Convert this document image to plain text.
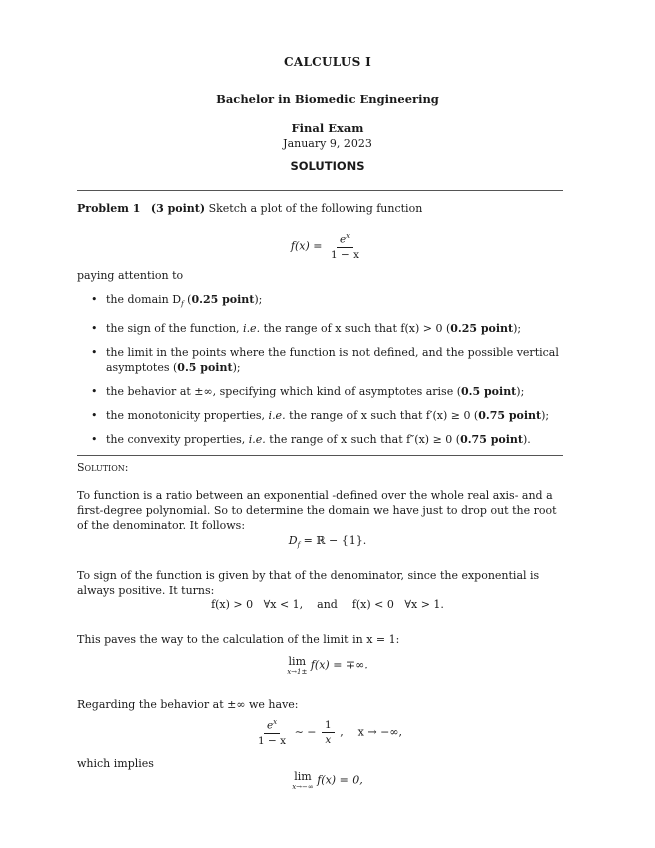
CALCULUS I
Bachelor in Biomedic Engineering
Final Exam
January 9, 2023
SOLUTIONS
Problem 1 (3 point) Sketch a plot of the following function
$f(x) = \frac{e^x}{1 - x}$
paying attention to
• the domain $D_f$ (0.25 point);
• the sign of the function, i.e. the range of x such that f(x) > 0 (0.25 point);
• the limit in the points where the function is not defined, and the possible vertical asymptotes (0.5 point);
• the behavior at ±∞, specifying which kind of asymptotes arise (0.5 point);
• the monotonicity properties, i.e. the range of x such that f′(x) ≥ 0 (0.75 point);
• the convexity properties, i.e. the range of x such that f″(x) ≥ 0 (0.75 point).
Solution:
To function is a ratio between an exponential -defined over the whole real axis- and a first-degree polynomial. So to determine the domain we have just to drop out the root of the denominator. It follows:
$D_f$ = ℝ − {1}.
To sign of the function is given by that of the denominator, since the exponential is always positive. It turns:
f(x) > 0   ∀x < 1,    and    f(x) < 0   ∀x > 1.
This paves the way to the calculation of the limit in x = 1:
lim
x→1±
f(x) = ∓∞.
Regarding the behavior at ±∞ we have:
$\frac{e^x}{1 - x}$ ∼ − $\frac{1}{x}$ ,    x → −∞,
which implies
lim
x→−∞
f(x) = 0,
